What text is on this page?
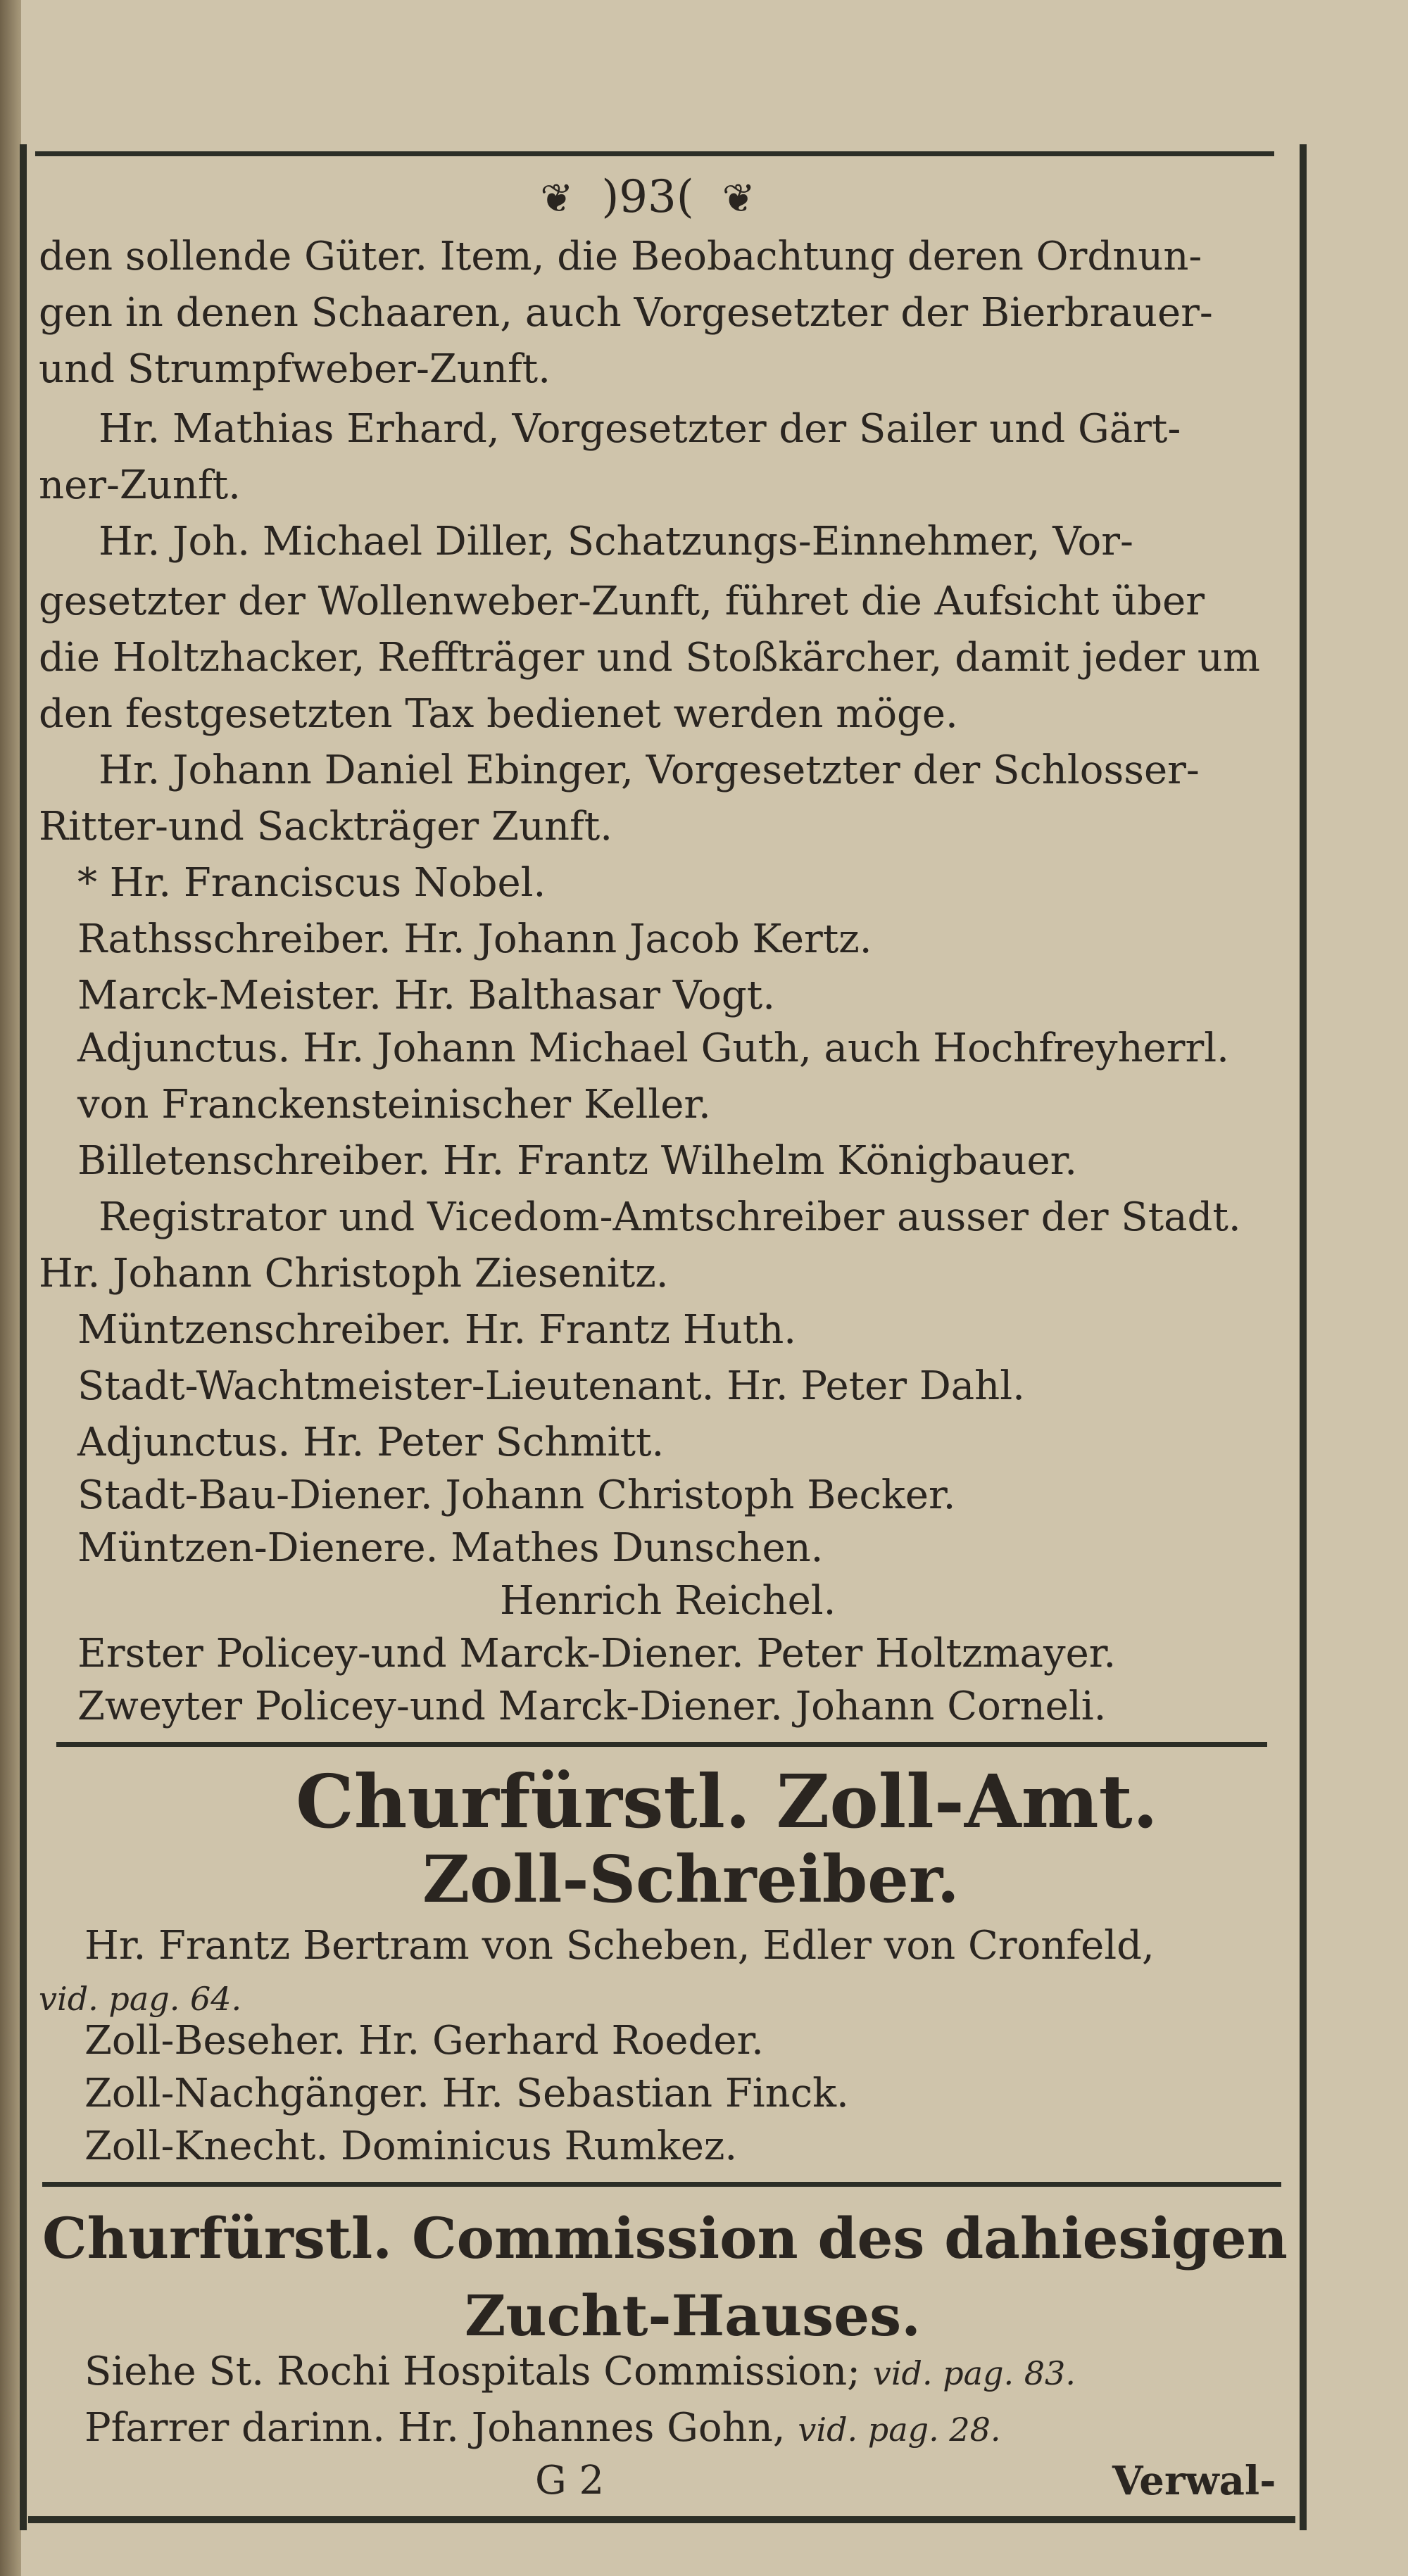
❦ )93( ❦
den sollende Güter. Item, die Beobachtung deren Ordnun-
gen in denen Schaaren, auch Vorgesetzter der Bierbrauer-
und Strumpfweber-Zunft.
Hr. Mathias Erhard, Vorgesetzter der Sailer und Gärt-
ner-Zunft.
Hr. Joh. Michael Diller, Schatzungs-Einnehmer, Vor-
gesetzter der Wollenweber-Zunft, führet die Aufsicht über
die Holtzhacker, Reffträger und Stoßkärcher, damit jeder um
den festgesetzten Tax bedienet werden möge.
Hr. Johann Daniel Ebinger, Vorgesetzter der Schlosser-
Ritter-und Sackträger Zunft.
* Hr. Franciscus Nobel.
Rathsschreiber. Hr. Johann Jacob Kertz.
Marck-Meister. Hr. Balthasar Vogt.
Adjunctus. Hr. Johann Michael Guth, auch Hochfreyherrl.
von Franckensteinischer Keller.
Billetenschreiber. Hr. Frantz Wilhelm Königbauer.
Registrator und Vicedom-Amtschreiber ausser der Stadt.
Hr. Johann Christoph Ziesenitz.
Müntzenschreiber. Hr. Frantz Huth.
Stadt-Wachtmeister-Lieutenant. Hr. Peter Dahl.
Adjunctus. Hr. Peter Schmitt.
Stadt-Bau-Diener. Johann Christoph Becker.
Müntzen-Dienere. Mathes Dunschen.
Henrich Reichel.
Erster Policey-und Marck-Diener. Peter Holtzmayer.
Zweyter Policey-und Marck-Diener. Johann Corneli.
Churfürstl. Zoll-Amt.
Zoll-Schreiber.
Hr. Frantz Bertram von Scheben, Edler von Cronfeld,
vid. pag. 64.
Zoll-Beseher. Hr. Gerhard Roeder.
Zoll-Nachgänger. Hr. Sebastian Finck.
Zoll-Knecht. Dominicus Rumkez.
Churfürstl. Commission des dahiesigen
Zucht-Hauses.
Siehe St. Rochi Hospitals Commission; vid. pag. 83.
Pfarrer darinn. Hr. Johannes Gohn, vid. pag. 28.
G 2	Verwal-
